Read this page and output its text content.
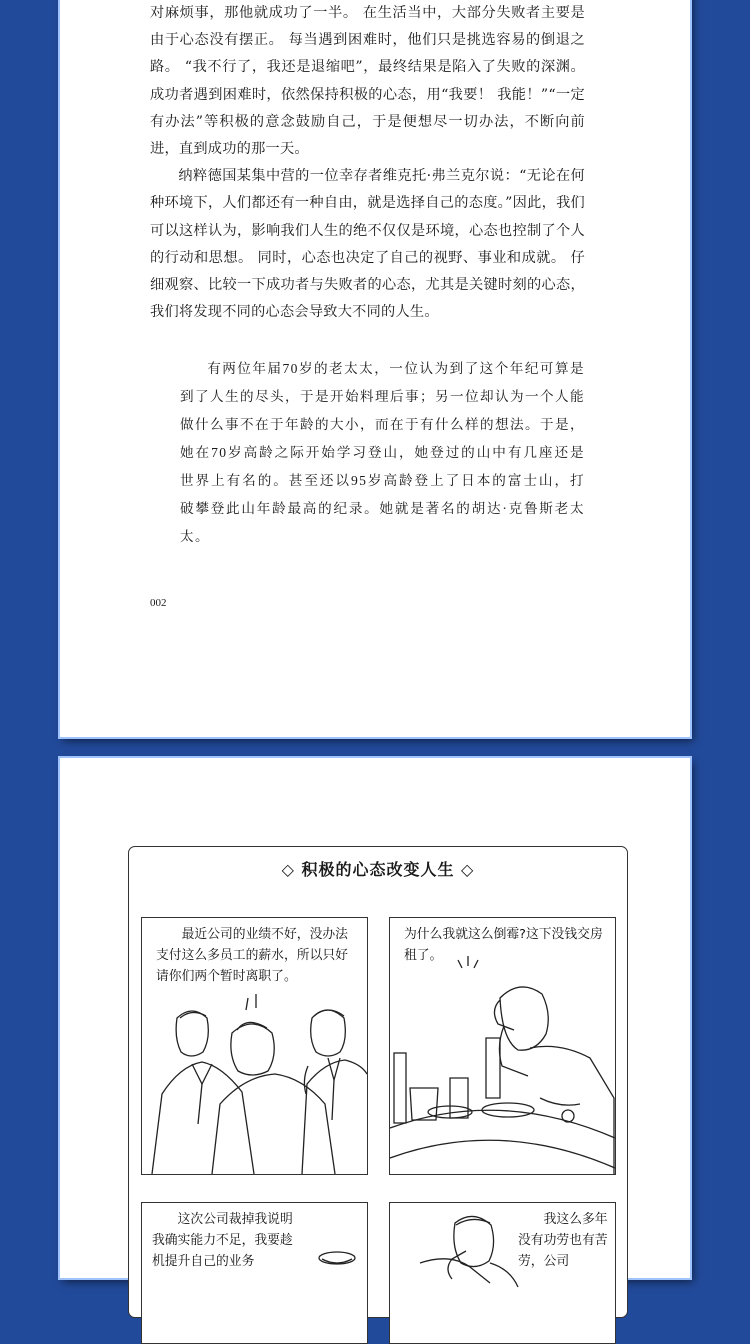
对麻烦事，那他就成功了一半。 在生活当中，大部分失败者主要是由于心态没有摆正。 每当遇到困难时，他们只是挑选容易的倒退之路。 “我不行了，我还是退缩吧”，最终结果是陷入了失败的深渊。 成功者遇到困难时，依然保持积极的心态，用“我要！ 我能！”“一定有办法”等积极的意念鼓励自己，于是便想尽一切办法，不断向前进，直到成功的那一天。

纳粹德国某集中营的一位幸存者维克托·弗兰克尔说：“无论在何种环境下，人们都还有一种自由，就是选择自己的态度。”因此，我们可以这样认为，影响我们人生的绝不仅仅是环境，心态也控制了个人的行动和思想。 同时，心态也决定了自己的视野、事业和成就。 仔细观察、比较一下成功者与失败者的心态，尤其是关键时刻的心态，我们将发现不同的心态会导致大不同的人生。

有两位年届70岁的老太太，一位认为到了这个年纪可算是到了人生的尽头，于是开始料理后事；另一位却认为一个人能做什么事不在于年龄的大小，而在于有什么样的想法。于是，她在70岁高龄之际开始学习登山，她登过的山中有几座还是世界上有名的。甚至还以95岁高龄登上了日本的富士山，打破攀登此山年龄最高的纪录。她就是著名的胡达·克鲁斯老太太。

002
◇ 积极的心态改变人生 ◇
最近公司的业绩不好，没办法支付这么多员工的薪水，所以只好请你们两个暂时离职了。
为什么我就这么倒霉?这下没钱交房租了。
这次公司裁掉我说明我确实能力不足，我要趁机提升自己的业务
我这么多年没有功劳也有苦劳，公司
